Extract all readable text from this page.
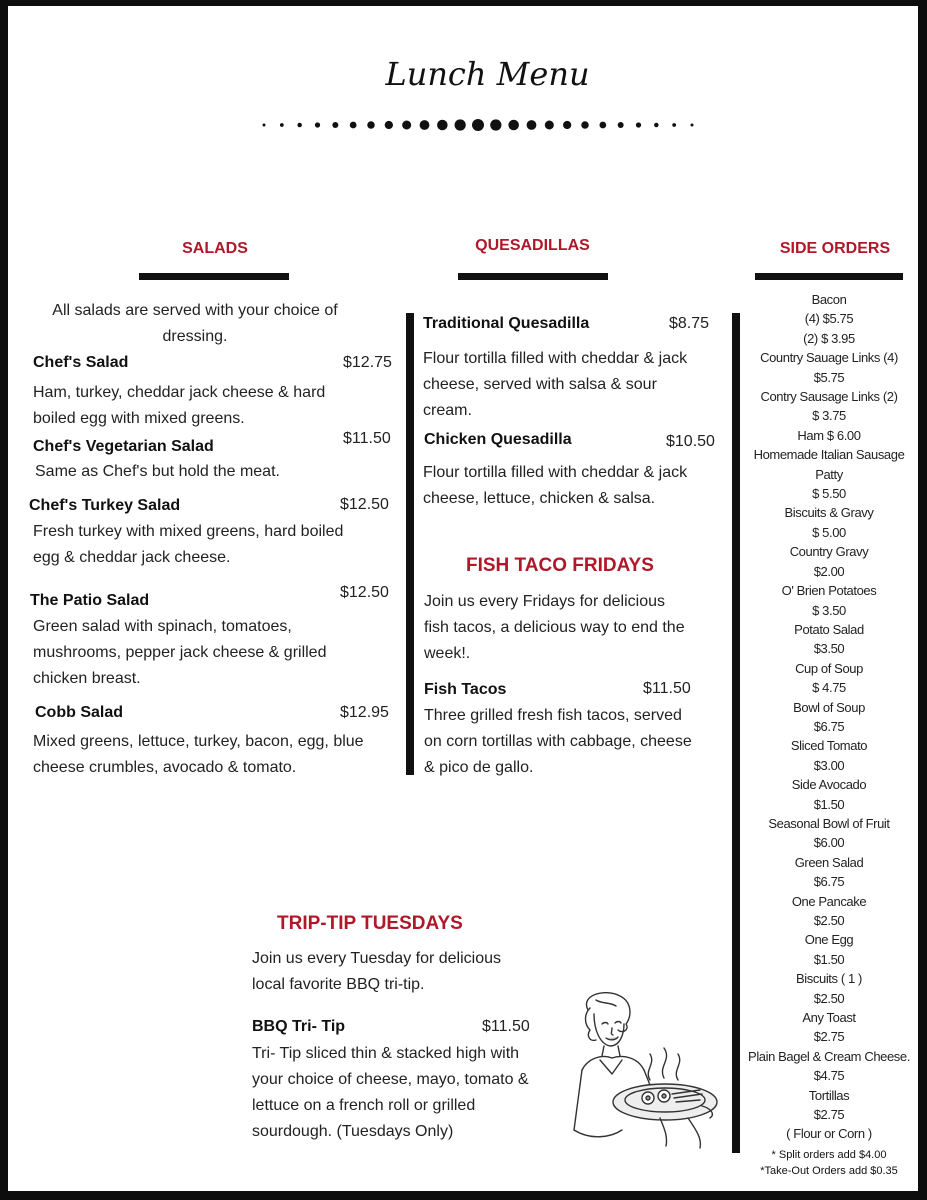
Lunch Menu
SALADS
All salads are served with your choice of dressing.
Chef's Salad	$12.75
Ham, turkey, cheddar jack cheese & hard boiled egg with mixed greens.
Chef's Vegetarian Salad	$11.50
Same as Chef's but hold the meat.
Chef's Turkey Salad	$12.50
Fresh turkey with mixed greens, hard boiled egg & cheddar jack cheese.
The Patio Salad	$12.50
Green salad with spinach, tomatoes, mushrooms, pepper jack cheese & grilled chicken breast.
Cobb Salad	$12.95
Mixed greens, lettuce, turkey, bacon, egg, blue cheese crumbles, avocado & tomato.
QUESADILLAS
Traditional Quesadilla	$8.75
Flour tortilla filled with cheddar & jack cheese, served with salsa & sour cream.
Chicken Quesadilla	$10.50
Flour tortilla filled with cheddar & jack cheese, lettuce, chicken & salsa.
FISH TACO FRIDAYS
Join us every Fridays for delicious fish tacos, a delicious way to end the week!.
Fish Tacos	$11.50
Three grilled fresh fish tacos, served on corn tortillas with cabbage, cheese & pico de gallo.
TRIP-TIP TUESDAYS
Join us every Tuesday for delicious local favorite BBQ tri-tip.
BBQ Tri- Tip	$11.50
Tri- Tip sliced thin & stacked high with your choice of cheese, mayo, tomato & lettuce on a french roll or grilled sourdough. (Tuesdays Only)
SIDE ORDERS
Bacon
(4) $5.75
(2) $ 3.95
Country Sauage Links (4)
$5.75
Contry Sausage Links (2)
$ 3.75
Ham $ 6.00
Homemade Italian Sausage
Patty
$ 5.50
Biscuits & Gravy
$ 5.00
Country Gravy
$2.00
O' Brien Potatoes
$ 3.50
Potato Salad
$3.50
Cup of Soup
$ 4.75
Bowl of Soup
$6.75
Sliced Tomato
$3.00
Side Avocado
$1.50
Seasonal Bowl of Fruit
$6.00
Green Salad
$6.75
One Pancake
$2.50
One Egg
$1.50
Biscuits ( 1 )
$2.50
Any Toast
$2.75
Plain Bagel & Cream Cheese.
$4.75
Tortillas
$2.75
( Flour or Corn )
* Split orders add $4.00
*Take-Out Orders add $0.35
